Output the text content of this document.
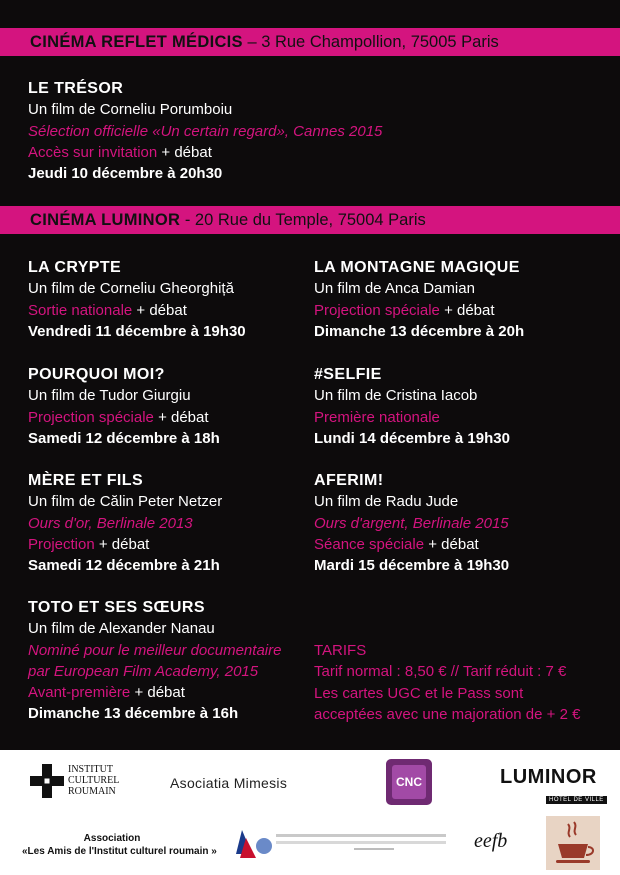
CINÉMA REFLET MÉDICIS – 3 Rue Champollion, 75005 Paris
LE TRÉSOR
Un film de Corneliu Porumboiu
Sélection officielle «Un certain regard», Cannes 2015
Accès sur invitation + débat
Jeudi 10 décembre à 20h30
CINÉMA LUMINOR - 20 Rue du Temple, 75004 Paris
LA CRYPTE
Un film de Corneliu Gheorghiță
Sortie nationale + débat
Vendredi 11 décembre à 19h30
POURQUOI MOI?
Un film de Tudor Giurgiu
Projection spéciale + débat
Samedi 12 décembre à 18h
MÈRE ET FILS
Un film de Călin Peter Netzer
Ours d'or, Berlinale 2013
Projection + débat
Samedi 12 décembre à 21h
TOTO ET SES SŒURS
Un film de Alexander Nanau
Nominé pour le meilleur documentaire
par European Film Academy, 2015
Avant-première + débat
Dimanche 13 décembre à 16h
LA MONTAGNE MAGIQUE
Un film de Anca Damian
Projection spéciale + débat
Dimanche 13 décembre à 20h
#SELFIE
Un film de Cristina Iacob
Première nationale
Lundi 14 décembre à 19h30
AFERIM!
Un film de Radu Jude
Ours d'argent, Berlinale 2015
Séance spéciale + débat
Mardi 15 décembre à 19h30
TARIFS
Tarif normal : 8,50 € // Tarif réduit : 7 €
Les cartes UGC et le Pass sont
acceptées avec une majoration de + 2 €
INSTITUT
CULTUREL
ROUMAIN
Asociatia Mimesis	CNC	LUMINOR
HÔTEL DE VILLE
Association
«Les Amis de l'Institut culturel roumain »	eefb
